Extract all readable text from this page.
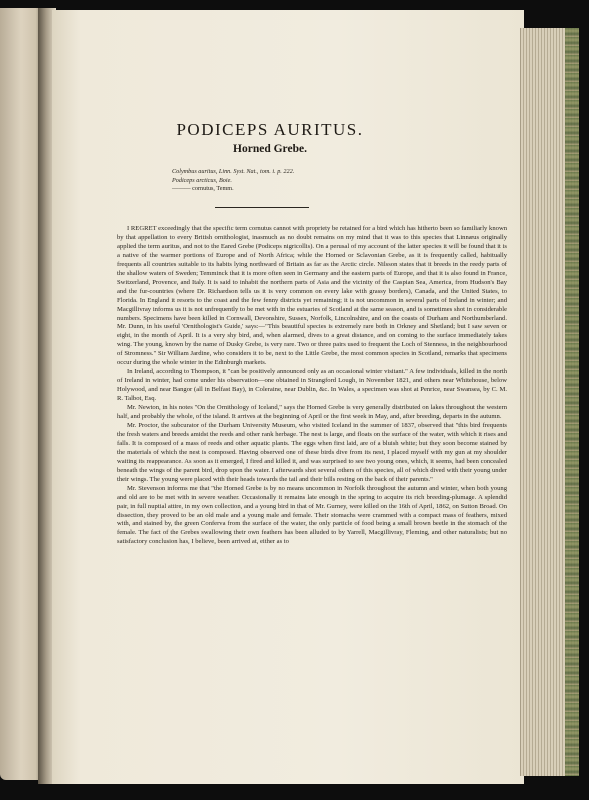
PODICEPS AURITUS.
Horned Grebe.
Colymbus auritus, Linn. Syst. Nat., tom. i. p. 222.
Podiceps arcticus, Boie.
——— cornutus, Temm.

I REGRET exceedingly that the specific term cornutus cannot with propriety be retained for a bird which has hitherto been so familiarly known by that appellation to every British ornithologist, inasmuch as no doubt remains on my mind that it was to this species that Linnæus originally applied the term auritus, and not to the Eared Grebe (Podiceps nigricollis). On a perusal of my account of the latter species it will be found that it is a native of the warmer portions of Europe and of North Africa; while the Horned or Sclavonian Grebe, as it is frequently called, habitually frequents all countries suitable to its habits lying northward of Britain as far as the Arctic circle. Nilsson states that it breeds in the reedy parts of the shallow waters of Sweden; Temminck that it is more often seen in Germany and the eastern parts of Europe, and that it is also found in France, Switzerland, Provence, and Italy. It is said to inhabit the northern parts of Asia and the vicinity of the Caspian Sea, America, from Hudson's Bay and the fur-countries (where Dr. Richardson tells us it is very common on every lake with grassy borders), Canada, and the United States, to Florida. In England it resorts to the coast and the few fenny districts yet remaining; it is not uncommon in several parts of Ireland in winter; and Macgillivray informs us it is not unfrequently to be met with in the estuaries of Scotland at the same season, and is sometimes shot in considerable numbers. Specimens have been killed in Cornwall, Devonshire, Sussex, Norfolk, Lincolnshire, and on the coasts of Durham and Northumberland. Mr. Dunn, in his useful 'Ornithologist's Guide,' says:—"This beautiful species is extremely rare both in Orkney and Shetland; but I saw seven or eight, in the month of April. It is a very shy bird, and, when alarmed, dives to a great distance, and on coming to the surface immediately takes wing. The young, known by the name of Dusky Grebe, is very rare. Two or three pairs used to frequent the Loch of Stenness, in the neighbourhood of Stromness." Sir William Jardine, who considers it to be, next to the Little Grebe, the most common species in Scotland, remarks that specimens occur during the whole winter in the Edinburgh markets.

In Ireland, according to Thompson, it "can be positively announced only as an occasional winter visitant." A few individuals, killed in the north of Ireland in winter, had come under his observation—one obtained in Strangford Lough, in November 1821, and others near Whitehouse, below Holywood, and near Bangor (all in Belfast Bay), in Coleraine, near Dublin, &c. In Wales, a specimen was shot at Penrice, near Swansea, by C. M. R. Talbot, Esq.

Mr. Newton, in his notes "On the Ornithology of Iceland," says the Horned Grebe is very generally distributed on lakes throughout the western half, and probably the whole, of the island. It arrives at the beginning of April or the first week in May, and, after breeding, departs in the autumn.

Mr. Proctor, the subcurator of the Durham University Museum, who visited Iceland in the summer of 1837, observed that "this bird frequents the fresh waters and breeds amidst the reeds and other rank herbage. The nest is large, and floats on the surface of the water, with which it rises and falls. It is composed of a mass of reeds and other aquatic plants. The eggs when first laid, are of a bluish white; but they soon become stained by the materials of which the nest is composed. Having observed one of these birds dive from its nest, I placed myself with my gun at my shoulder waiting its reappearance. As soon as it emerged, I fired and killed it, and was surprised to see two young ones, which, it seems, had been concealed beneath the wings of the parent bird, drop upon the water. I afterwards shot several others of this species, all of which dived with their young under their wings. The young were placed with their heads towards the tail and their bills resting on the back of their parents."

Mr. Stevenson informs me that "the Horned Grebe is by no means uncommon in Norfolk throughout the autumn and winter, when both young and old are to be met with in severe weather. Occasionally it remains late enough in the spring to acquire its rich breeding-plumage. A splendid pair, in full nuptial attire, in my own collection, and a young bird in that of Mr. Gurney, were killed on the 16th of April, 1862, on Sutton Broad. On dissection, they proved to be an old male and a young male and female. Their stomachs were crammed with a compact mass of feathers, mixed with, and stained by, the green Conferva from the surface of the water, the only particle of food being a small brown beetle in the stomach of the female. The fact of the Grebes swallowing their own feathers has been alluded to by Yarrell, Macgillivray, Fleming, and other naturalists; but no satisfactory conclusion has, I believe, been arrived at, either as to
